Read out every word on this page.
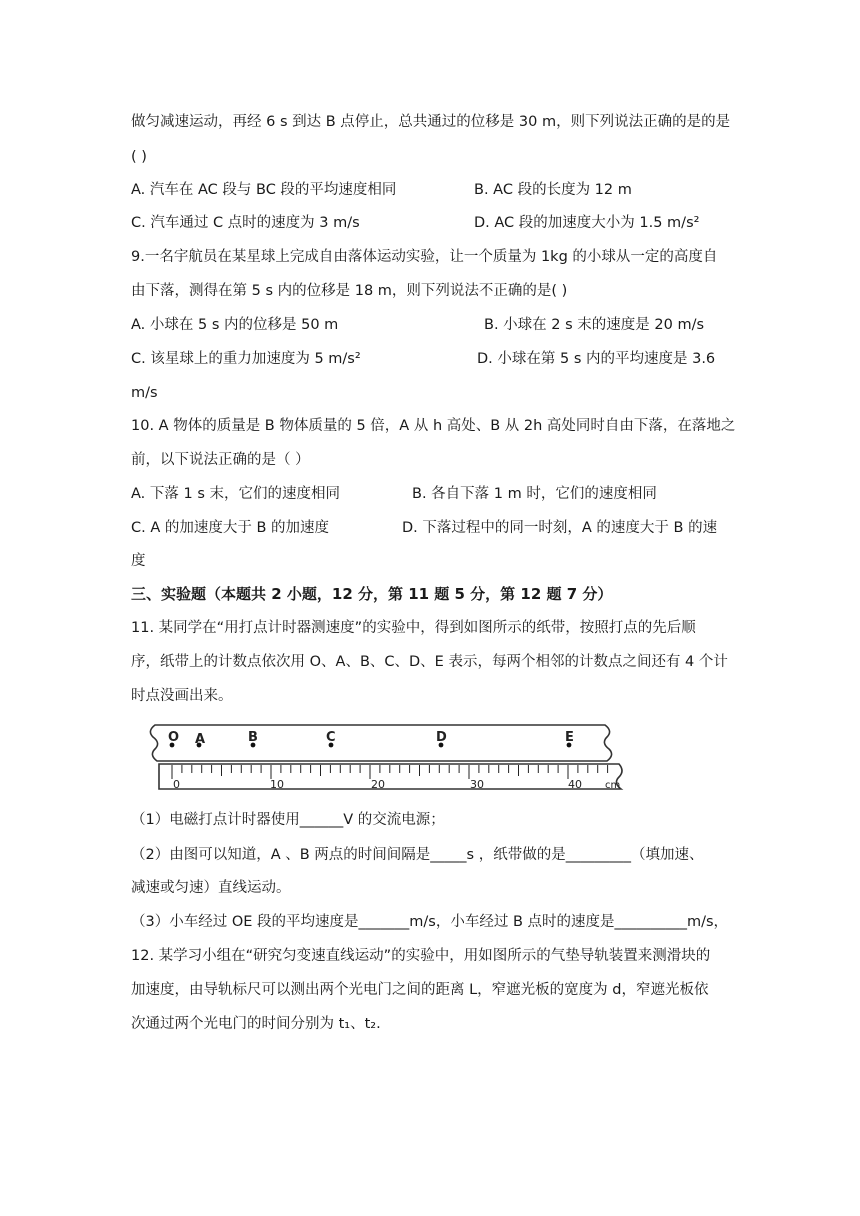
做匀减速运动，再经 6 s 到达 B 点停止，总共通过的位移是 30 m，则下列说法正确的是的是
( )
A. 汽车在 AC 段与 BC 段的平均速度相同	B. AC 段的长度为 12 m
C. 汽车通过 C 点时的速度为 3 m/s	D. AC 段的加速度大小为 1.5 m/s²
9.一名宇航员在某星球上完成自由落体运动实验，让一个质量为 1kg 的小球从一定的高度自
由下落，测得在第 5 s 内的位移是 18 m，则下列说法不正确的是( )
A. 小球在 5 s 内的位移是 50 m	B. 小球在 2 s 末的速度是 20 m/s
C. 该星球上的重力加速度为 5 m/s²	D. 小球在第 5 s 内的平均速度是 3.6
m/s
10. A 物体的质量是 B 物体质量的 5 倍，A 从 h 高处、B 从 2h 高处同时自由下落，在落地之
前，以下说法正确的是（ ）
A. 下落 1 s 末，它们的速度相同	B. 各自下落 1 m 时，它们的速度相同
C. A 的加速度大于 B 的加速度	D. 下落过程中的同一时刻，A 的速度大于 B 的速
度
三、实验题（本题共 2 小题，12 分，第 11 题 5 分，第 12 题 7 分）
11. 某同学在“用打点计时器测速度”的实验中，得到如图所示的纸带，按照打点的先后顺
序，纸带上的计数点依次用 O、A、B、C、D、E 表示，每两个相邻的计数点之间还有 4 个计
时点没画出来。
O A	B	C	D	E
0	10	20	30	40 cm
（1）电磁打点计时器使用______V 的交流电源；
（2）由图可以知道，A 、B 两点的时间间隔是_____s ，纸带做的是_________（填加速、
减速或匀速）直线运动。
（3）小车经过 OE 段的平均速度是_______m/s，小车经过 B 点时的速度是__________m/s，
12. 某学习小组在“研究匀变速直线运动”的实验中，用如图所示的气垫导轨装置来测滑块的
加速度，由导轨标尺可以测出两个光电门之间的距离 L，窄遮光板的宽度为 d，窄遮光板依
次通过两个光电门的时间分别为 t₁、t₂.
